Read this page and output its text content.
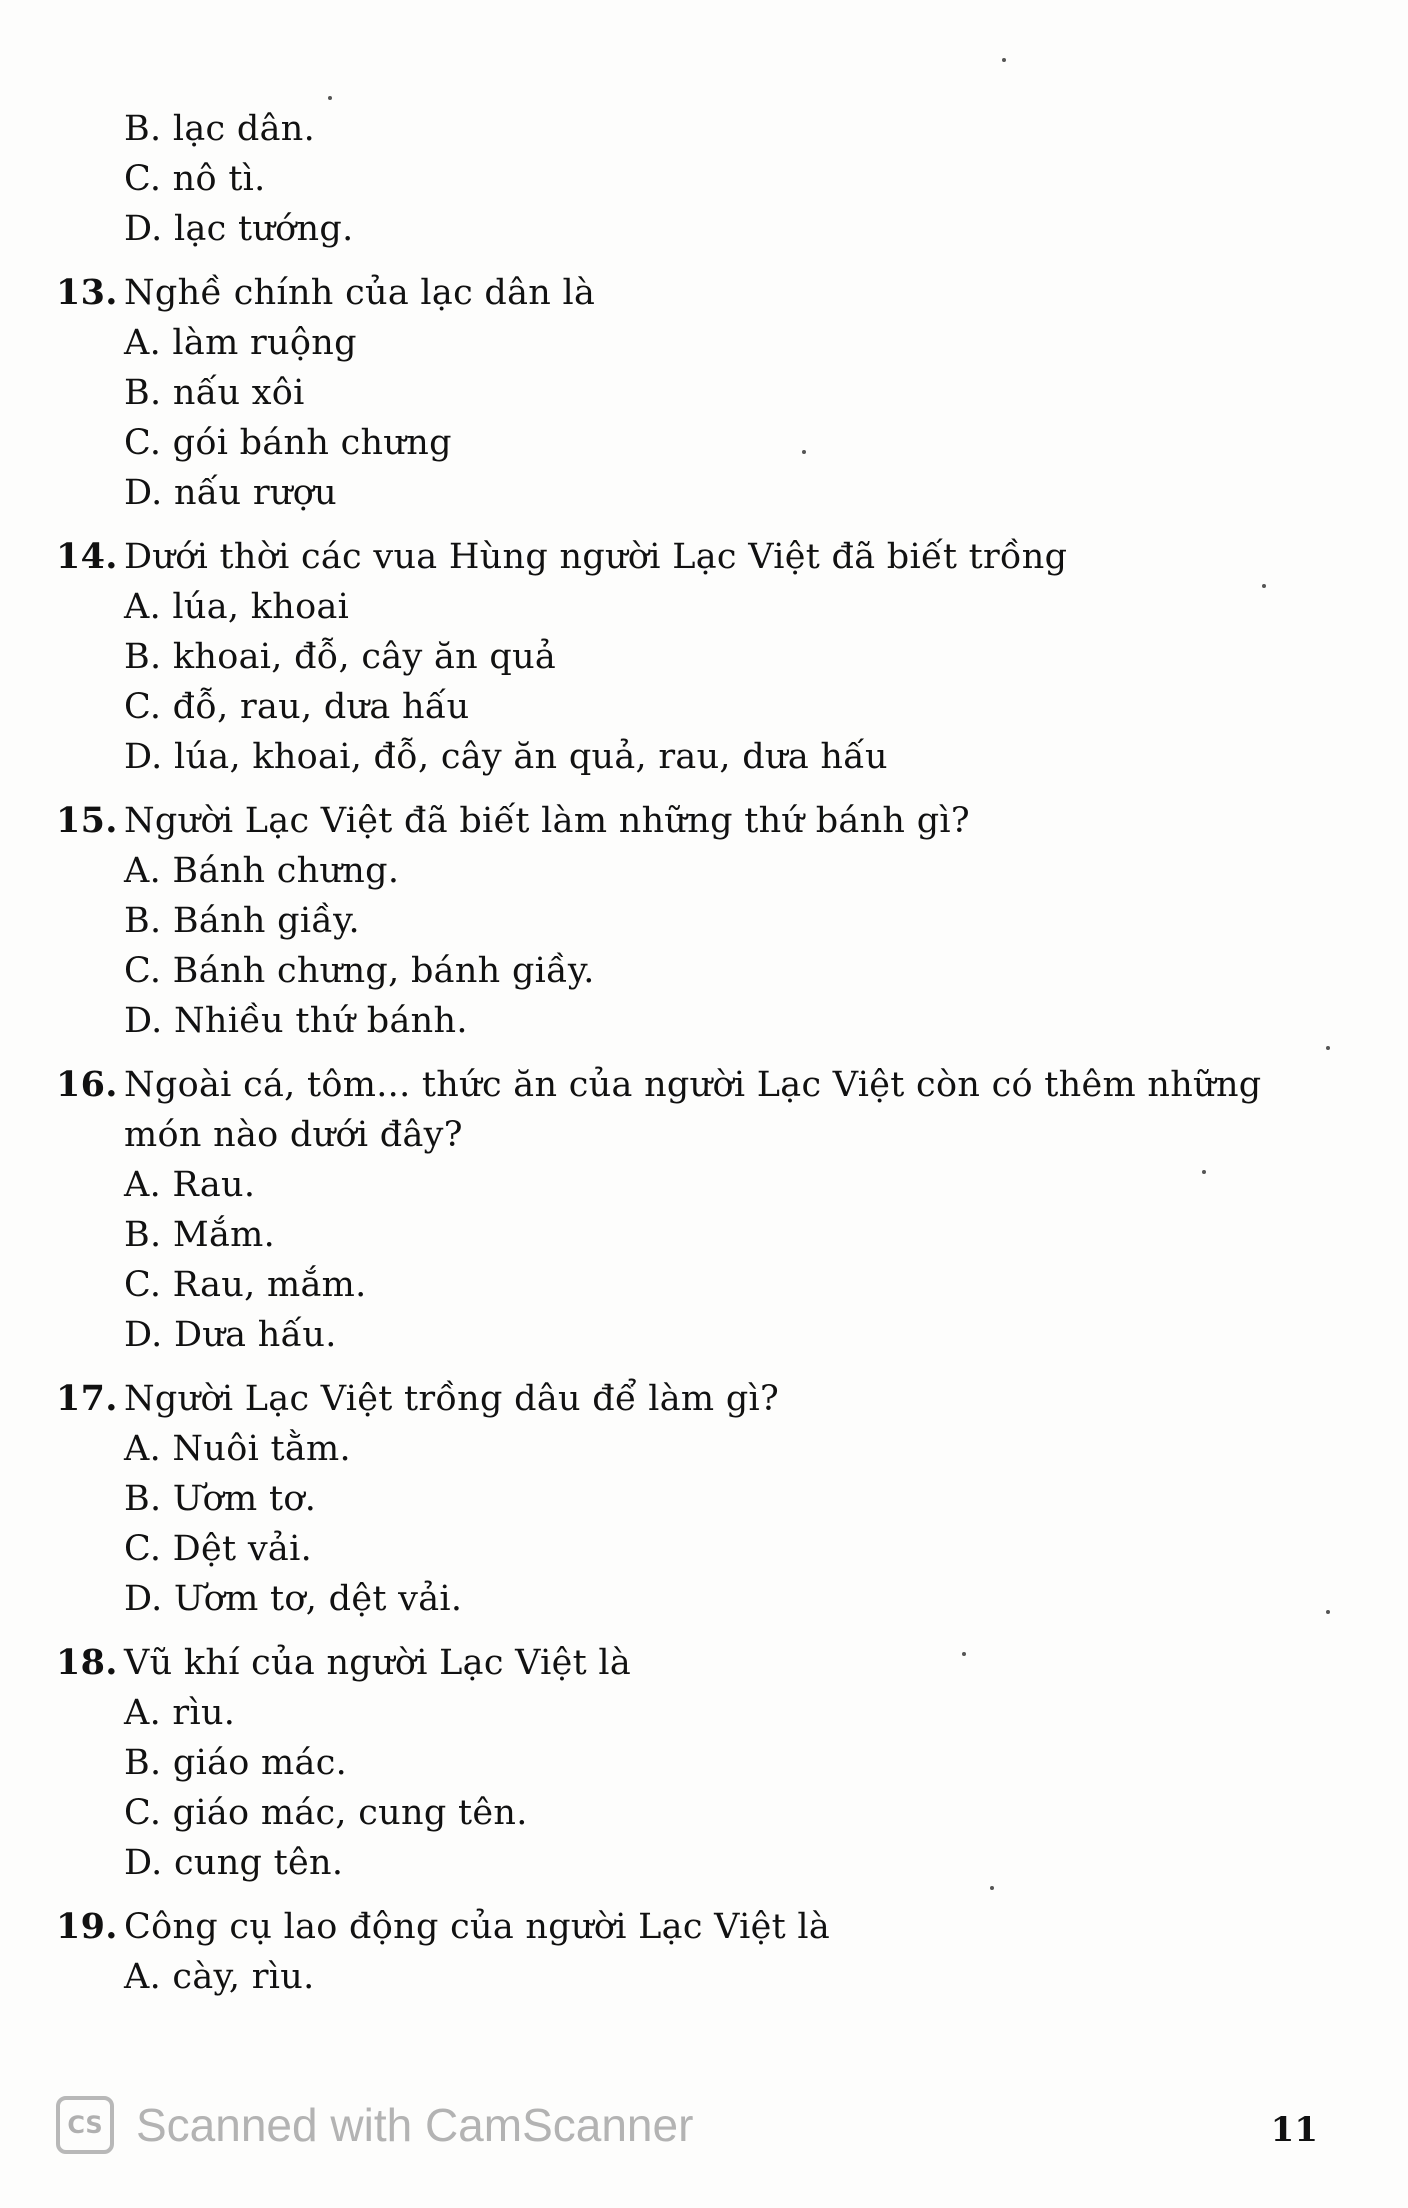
B. lạc dân.
C. nô tì.
D. lạc tướng.
13. Nghề chính của lạc dân là
A. làm ruộng
B. nấu xôi
C. gói bánh chưng
D. nấu rượu
14. Dưới thời các vua Hùng người Lạc Việt đã biết trồng
A. lúa, khoai
B. khoai, đỗ, cây ăn quả
C. đỗ, rau, dưa hấu
D. lúa, khoai, đỗ, cây ăn quả, rau, dưa hấu
15. Người Lạc Việt đã biết làm những thứ bánh gì?
A. Bánh chưng.
B. Bánh giầy.
C. Bánh chưng, bánh giầy.
D. Nhiều thứ bánh.
16. Ngoài cá, tôm... thức ăn của người Lạc Việt còn có thêm những món nào dưới đây?
A. Rau.
B. Mắm.
C. Rau, mắm.
D. Dưa hấu.
17. Người Lạc Việt trồng dâu để làm gì?
A. Nuôi tằm.
B. Ươm tơ.
C. Dệt vải.
D. Ươm tơ, dệt vải.
18. Vũ khí của người Lạc Việt là
A. rìu.
B. giáo mác.
C. giáo mác, cung tên.
D. cung tên.
19. Công cụ lao động của người Lạc Việt là
A. cày, rìu.
CS Scanned with CamScanner	11
